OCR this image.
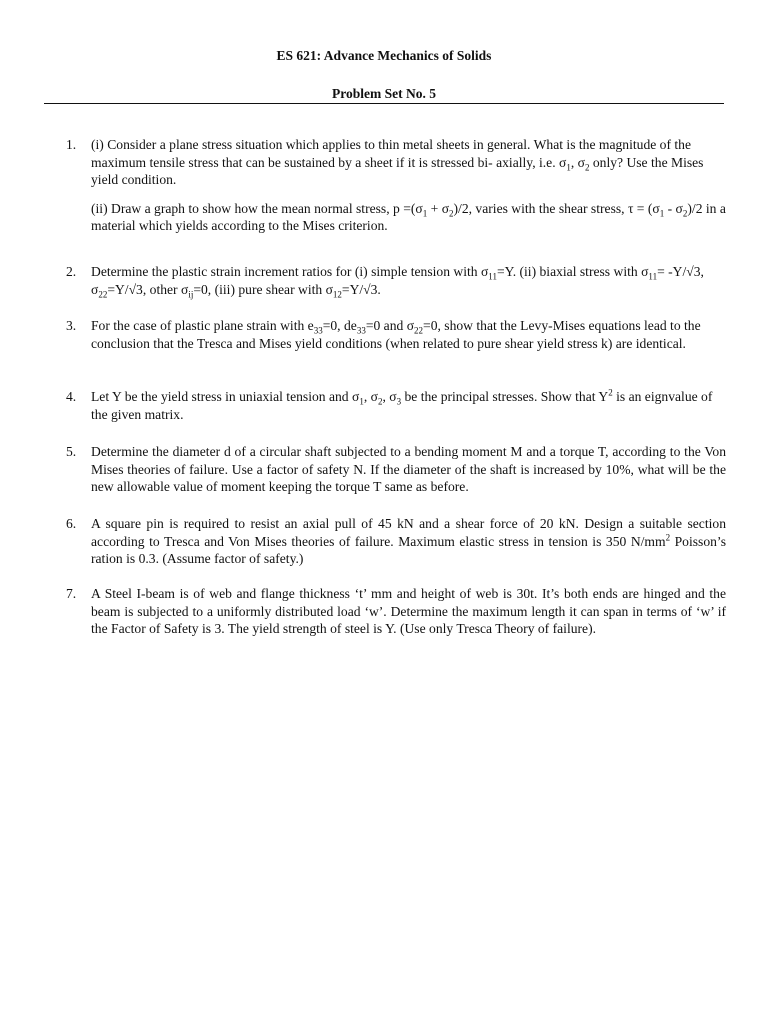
ES 621: Advance Mechanics of Solids
Problem Set No. 5
1. (i) Consider a plane stress situation which applies to thin metal sheets in general. What is the magnitude of the maximum tensile stress that can be sustained by a sheet if it is stressed bi- axially, i.e. $\sigma_1$, $\sigma_2$ only? Use the Mises yield condition.

(ii) Draw a graph to show how the mean normal stress, $p =(\sigma_1 + \sigma_2)/2$, varies with the shear stress, $\tau = (\sigma_1 - \sigma_2)/2$ in a material which yields according to the Mises criterion.

2. Determine the plastic strain increment ratios for (i) simple tension with $\sigma_{11}=Y$. (ii) biaxial stress with $\sigma_{11}= -Y/√3$, $\sigma_{22}=Y/√3$, other $\sigma_{ij}=0$, (iii) pure shear with $\sigma_{12}=Y/√3$.

3. For the case of plastic plane strain with $e_{33}=0$, $de_{33}=0$ and $\sigma_{22}=0$, show that the Levy-Mises equations lead to the conclusion that the Tresca and Mises yield conditions (when related to pure shear yield stress k) are identical.

4. Let Y be the yield stress in uniaxial tension and $\sigma_1$, $\sigma_2$, $\sigma_3$ be the principal stresses. Show that $Y^2$ is an eignvalue of the given matrix.

5. Determine the diameter d of a circular shaft subjected to a bending moment M and a torque T, according to the Von Mises theories of failure. Use a factor of safety N. If the diameter of the shaft is increased by 10%, what will be the new allowable value of moment keeping the torque T same as before.

6. A square pin is required to resist an axial pull of 45 kN and a shear force of 20 kN. Design a suitable section according to Tresca and Von Mises theories of failure. Maximum elastic stress in tension is 350 $N/mm^2$ Poisson’s ration is 0.3. (Assume factor of safety.)

7. A Steel I-beam is of web and flange thickness ‘t’ mm and height of web is 30t. It’s both ends are hinged and the beam is subjected to a uniformly distributed load ‘w’. Determine the maximum length it can span in terms of ‘w’ if the Factor of Safety is 3. The yield strength of steel is Y. (Use only Tresca Theory of failure).
